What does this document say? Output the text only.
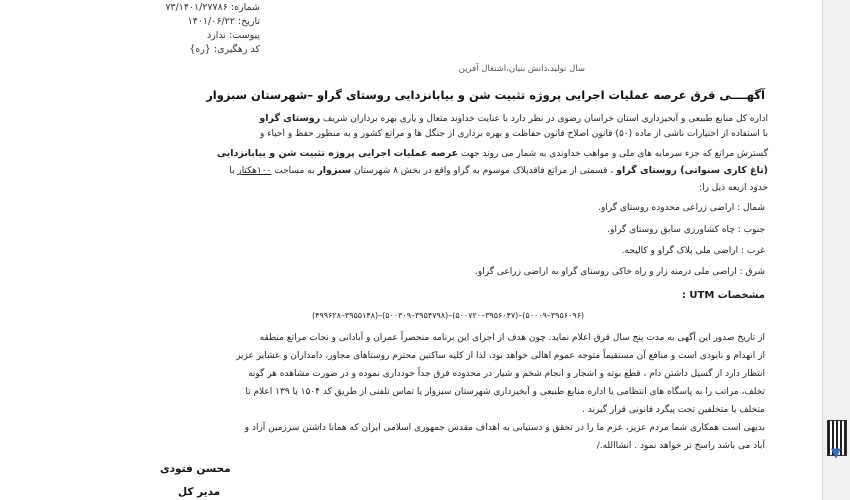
شماره: ۷۳/۱۴۰۱/۲۷۷۸۶
تاریخ: ۱۴۰۱/۰۶/۲۲
پیوست: ندارد
کد رهگیری: {ره}
سال تولید،دانش بنیان،اشتغال آفرین
آگهــــی قرق عرصه عملیات اجرایی پروژه تثبیت شن و بیابانزدایی روستای گراو –شهرستان سبزوار
اداره کل منابع طبیعی و آبخیزداری استان خراسان رضوی در نظر دارد با عنایت خداوند متعال و یاری بهره برداران شریف روستای گراو
با استفاده از اختیارات ناشی از ماده (۵۰) قانون اصلاح قانون حفاظت و بهره برداری از جنگل ها و مراتع کشور و به منظور حفظ و احیاء و
گسترش مراتع که جزء سرمایه های ملی و مواهب خداوندی به شمار می روند جهت عرصه عملیات اجرایی پروژه تثبیت شن و بیابانزدایی
(تاغ کاری سنواتی) روستای گراو ، قسمتی از مراتع فاقدپلاک موسوم به گراو واقع در بخش ۸ شهرستان سبزوار به مساحت ۱۰۰هکتار با
حدود اربعه ذیل را:
شمال : اراضی زراعی محدوده روستای گراو.
جنوب : چاه کشاورزی سابق روستای گراو.
غرب : اراضی ملی پلاک گراو و کالیجه.
شرق : اراضی ملی درمنه زار و راه خاکی روستای گراو به اراضی زراعی گراو.
مشخصات UTM :
(۴۹۹۶۲۸–۳۹۵۵۱۴۸)–(۵۰۰۳۰۹–۳۹۵۴۷۹۸)–(۵۰۰۷۲۰–۳۹۵۶۰۴۷)–(۵۰۰۰۹–۳۹۵۶۰۹۶)
از تاریخ صدور این آگهی به مدت پنج سال قرق اعلام نماید. چون هدف از اجرای این برنامه منحصراً عمران و آبادانی و نجات مراتع منطقه
از انهدام و نابودی است و منافع آن مستقیماً متوجه عموم اهالی خواهد بود، لذا از کلیه ساکنین محترم روستاهای مجاور، دامداران و عشایر عزیز
انتظار دارد از گسیل داشتن دام ، قطع بوته و اشجار و انجام شخم و شیار در محدوده قرق جداً خودداری نموده و در صورت مشاهده هر گونه
تخلف، مراتب را به پاسگاه های انتظامی یا اداره منابع طبیعی و آبخیزداری شهرستان سبزوار یا تماس تلفنی از طریق کد ۱۵۰۴ یا ۱۳۹ اعلام تا
متخلف یا متخلفین تحت پیگرد قانونی قرار گیرند .
بدیهی است همکاری شما مردم عزیز، عزم ما را در تحقق و دستیابی به اهداف مقدس جمهوری اسلامی ایران که همانا داشتن سرزمین آزاد و
آباد می باشد راسخ تر خواهد نمود . انشاالله./
محسن فتودی
مدیر کل
▼
